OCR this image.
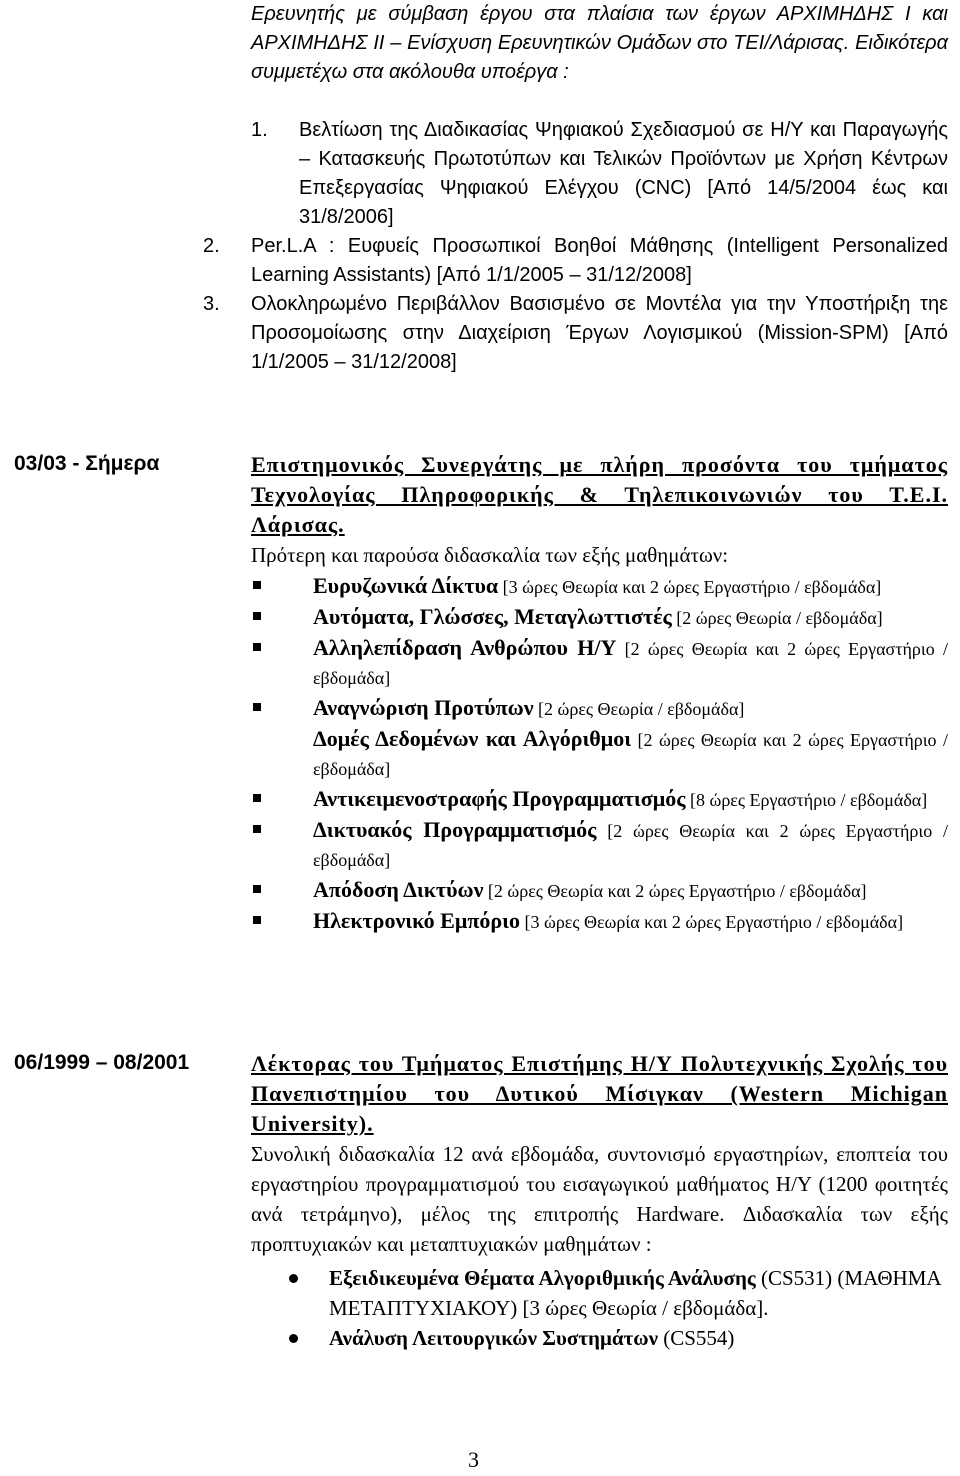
Ερευνητής με σύμβαση έργου στα πλαίσια των έργων ΑΡΧΙΜΗΔΗΣ Ι και ΑΡΧΙΜΗΔΗΣ ΙΙ – Ενίσχυση Ερευνητικών Ομάδων στο ΤΕΙ/Λάρισας. Ειδικότερα συμμετέχω στα ακόλουθα υποέργα :

1.	Βελτίωση της Διαδικασίας Ψηφιακού Σχεδιασμού σε Η/Υ και Παραγωγής – Κατασκευής Πρωτοτύπων και Τελικών Προϊόντων με Χρήση Κέντρων Επεξεργασίας Ψηφιακού Ελέγχου (CNC) [Από 14/5/2004 έως και 31/8/2006]
2.	Per.L.A : Ευφυείς Προσωπικοί Βοηθοί Μάθησης (Intelligent Personalized Learning Assistants) [Από 1/1/2005 – 31/12/2008]
3.	Ολοκληρωμένο Περιβάλλον Βασισμένο σε Μοντέλα για την Υποστήριξη τηε Προσομοίωσης στην Διαχείριση Έργων Λογισμικού (Mission-SPM) [Από 1/1/2005 – 31/12/2008]
03/03 - Σήμερα	Επιστημονικός Συνεργάτης με πλήρη προσόντα του τμήματος Τεχνολογίας Πληροφορικής & Τηλεπικοινωνιών του Τ.Ε.Ι. Λάρισας.

Πρότερη και παρούσα διδασκαλία των εξής μαθημάτων:

Ευρυζωνικά Δίκτυα [3 ώρες Θεωρία και 2 ώρες Εργαστήριο / εβδομάδα]
Αυτόματα, Γλώσσες, Μεταγλωττιστές [2 ώρες Θεωρία / εβδομάδα]
Αλληλεπίδραση Ανθρώπου Η/Υ [2 ώρες Θεωρία και 2 ώρες Εργαστήριο / εβδομάδα]
Αναγνώριση Προτύπων [2 ώρες Θεωρία / εβδομάδα]
Δομές Δεδομένων και Αλγόριθμοι [2 ώρες Θεωρία και 2 ώρες Εργαστήριο / εβδομάδα]
Αντικειμενοστραφής Προγραμματισμός [8 ώρες Εργαστήριο / εβδομάδα]
Δικτυακός Προγραμματισμός [2 ώρες Θεωρία και 2 ώρες Εργαστήριο / εβδομάδα]
Απόδοση Δικτύων [2 ώρες Θεωρία και 2 ώρες Εργαστήριο / εβδομάδα]
Ηλεκτρονικό Εμπόριο [3 ώρες Θεωρία και 2 ώρες Εργαστήριο / εβδομάδα]
06/1999 – 08/2001	Λέκτορας του Τμήματος Επιστήμης Η/Υ Πολυτεχνικής Σχολής του Πανεπιστημίου του Δυτικού Μίσιγκαν (Western Michigan University).

Συνολική διδασκαλία 12 ανά εβδομάδα, συντονισμό εργαστηρίων, εποπτεία του εργαστηρίου προγραμματισμού του εισαγωγικού μαθήματος Η/Υ (1200 φοιτητές ανά τετράμηνο), μέλος της επιτροπής Hardware. Διδασκαλία των εξής προπτυχιακών και μεταπτυχιακών μαθημάτων :

Εξειδικευμένα Θέματα Αλγοριθμικής Ανάλυσης (CS531) (ΜΑΘΗΜΑ ΜΕΤΑΠΤΥΧΙΑΚΟΥ) [3 ώρες Θεωρία / εβδομάδα].
Ανάλυση Λειτουργικών Συστημάτων (CS554)
3
